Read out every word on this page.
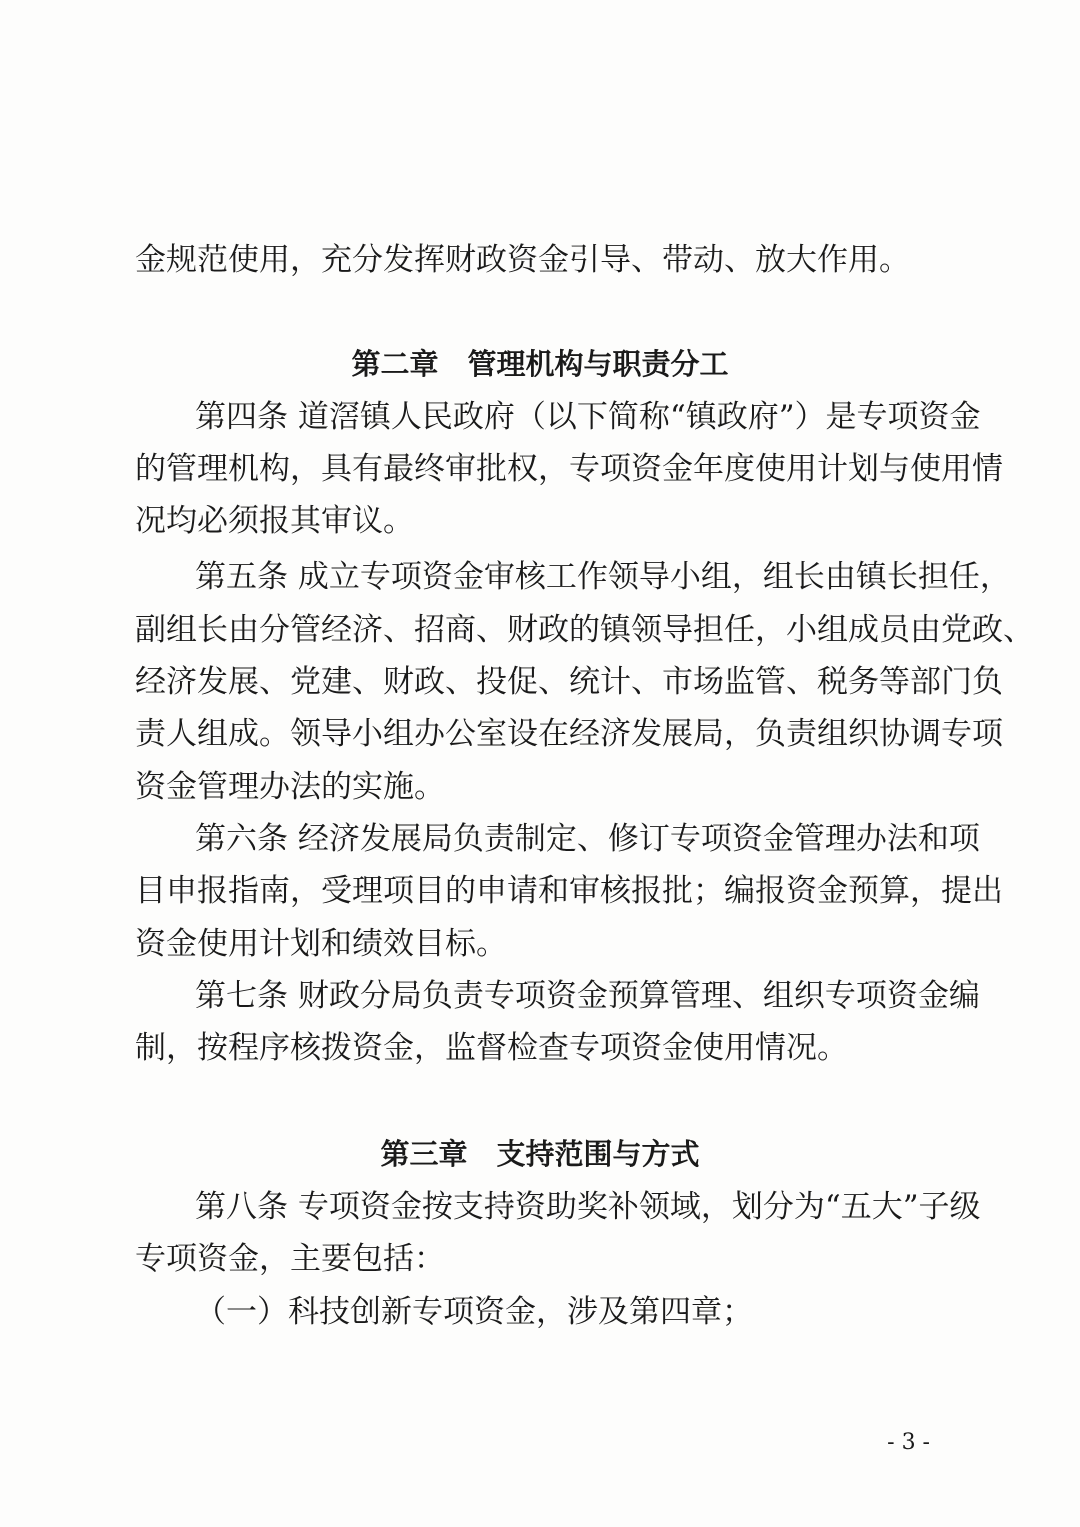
金规范使用，充分发挥财政资金引导、带动、放大作用。
第二章　管理机构与职责分工
第四条 道滘镇人民政府（以下简称“镇政府”）是专项资金
的管理机构，具有最终审批权，专项资金年度使用计划与使用情
况均必须报其审议。
第五条 成立专项资金审核工作领导小组，组长由镇长担任，
副组长由分管经济、招商、财政的镇领导担任，小组成员由党政、
经济发展、党建、财政、投促、统计、市场监管、税务等部门负
责人组成。领导小组办公室设在经济发展局，负责组织协调专项
资金管理办法的实施。
第六条 经济发展局负责制定、修订专项资金管理办法和项
目申报指南，受理项目的申请和审核报批；编报资金预算，提出
资金使用计划和绩效目标。
第七条 财政分局负责专项资金预算管理、组织专项资金编
制，按程序核拨资金，监督检查专项资金使用情况。
第三章　支持范围与方式
第八条 专项资金按支持资助奖补领域，划分为“五大”子级
专项资金，主要包括：
（一）科技创新专项资金，涉及第四章；
- 3 -
